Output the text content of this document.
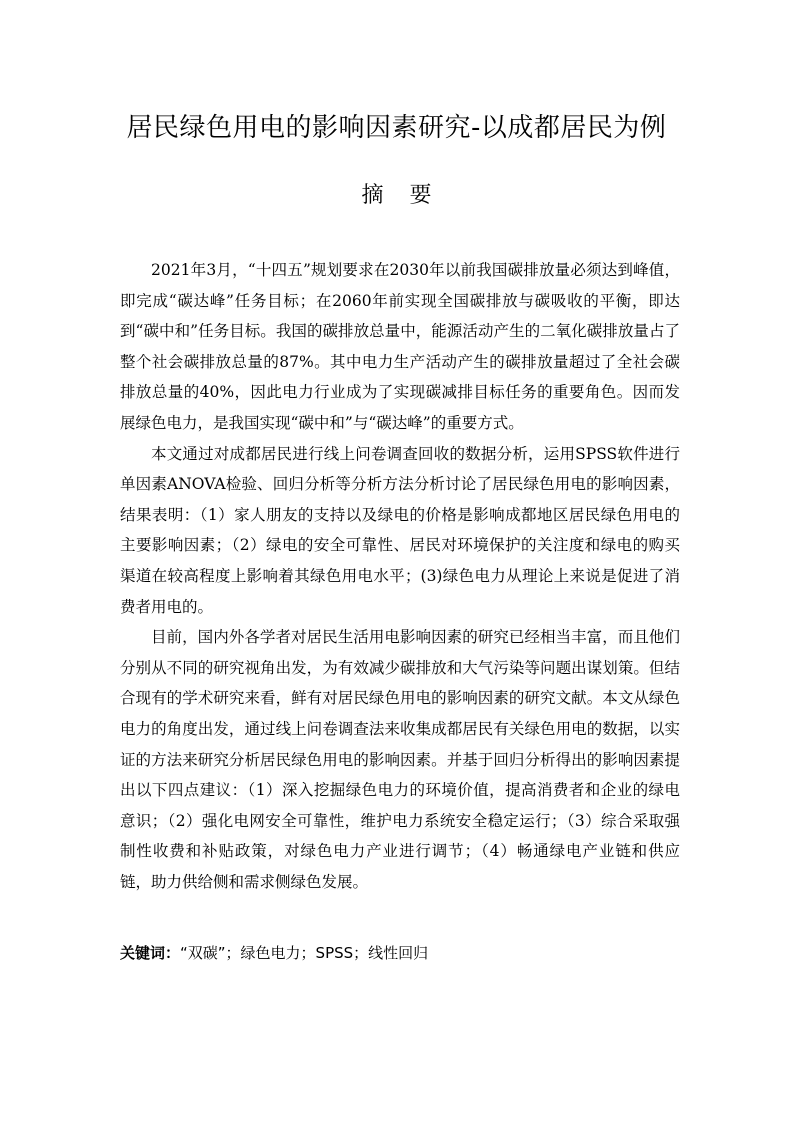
居民绿色用电的影响因素研究-以成都居民为例
摘 要

2021年3月，“十四五”规划要求在2030年以前我国碳排放量必须达到峰值，即完成“碳达峰”任务目标；在2060年前实现全国碳排放与碳吸收的平衡，即达到“碳中和”任务目标。我国的碳排放总量中，能源活动产生的二氧化碳排放量占了整个社会碳排放总量的87%。其中电力生产活动产生的碳排放量超过了全社会碳排放总量的40%，因此电力行业成为了实现碳减排目标任务的重要角色。因而发展绿色电力，是我国实现“碳中和”与“碳达峰”的重要方式。

本文通过对成都居民进行线上问卷调查回收的数据分析，运用SPSS软件进行单因素ANOVA检验、回归分析等分析方法分析讨论了居民绿色用电的影响因素，结果表明：（1）家人朋友的支持以及绿电的价格是影响成都地区居民绿色用电的主要影响因素；（2）绿电的安全可靠性、居民对环境保护的关注度和绿电的购买渠道在较高程度上影响着其绿色用电水平；(3)绿色电力从理论上来说是促进了消费者用电的。

目前，国内外各学者对居民生活用电影响因素的研究已经相当丰富，而且他们分别从不同的研究视角出发，为有效减少碳排放和大气污染等问题出谋划策。但结合现有的学术研究来看，鲜有对居民绿色用电的影响因素的研究文献。本文从绿色电力的角度出发，通过线上问卷调查法来收集成都居民有关绿色用电的数据，以实证的方法来研究分析居民绿色用电的影响因素。并基于回归分析得出的影响因素提出以下四点建议：（1）深入挖掘绿色电力的环境价值，提高消费者和企业的绿电意识；（2）强化电网安全可靠性，维护电力系统安全稳定运行；（3）综合采取强制性收费和补贴政策，对绿色电力产业进行调节；（4）畅通绿电产业链和供应链，助力供给侧和需求侧绿色发展。

关键词：“双碳”；绿色电力；SPSS；线性回归
